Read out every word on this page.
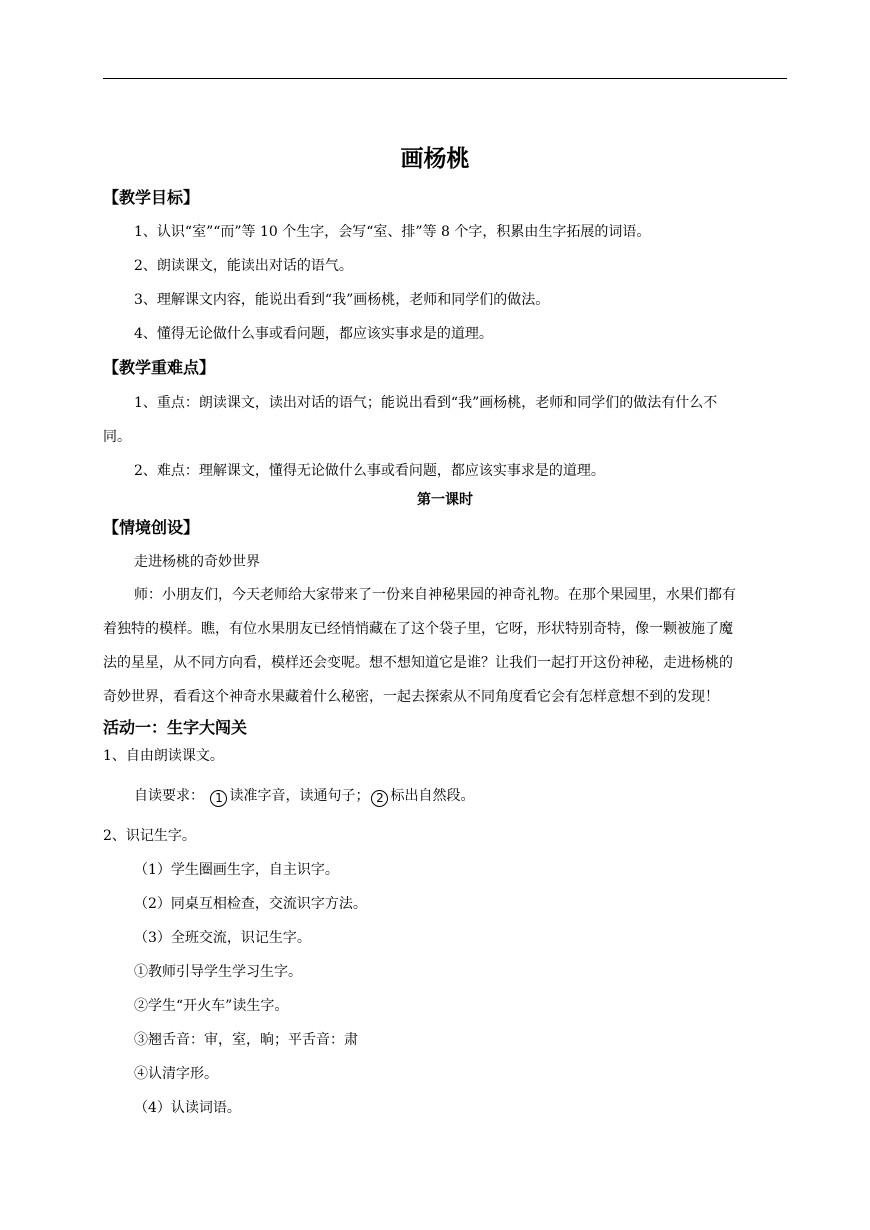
画杨桃
【教学目标】
1、认识“室”“而”等 10 个生字，会写“室、排”等 8 个字，积累由生字拓展的词语。
2、朗读课文，能读出对话的语气。
3、理解课文内容，能说出看到“我”画杨桃，老师和同学们的做法。
4、懂得无论做什么事或看问题，都应该实事求是的道理。
【教学重难点】
1、重点：朗读课文，读出对话的语气；能说出看到“我”画杨桃，老师和同学们的做法有什么不
同。
2、难点：理解课文，懂得无论做什么事或看问题，都应该实事求是的道理。
第一课时
【情境创设】
走进杨桃的奇妙世界
师：小朋友们，今天老师给大家带来了一份来自神秘果园的神奇礼物。在那个果园里，水果们都有
着独特的模样。瞧，有位水果朋友已经悄悄藏在了这个袋子里，它呀，形状特别奇特，像一颗被施了魔
法的星星，从不同方向看，模样还会变呢。想不想知道它是谁？让我们一起打开这份神秘，走进杨桃的
奇妙世界，看看这个神奇水果藏着什么秘密，一起去探索从不同角度看它会有怎样意想不到的发现！
活动一：生字大闯关
1、自由朗读课文。
自读要求： 1 读准字音，读通句子； 2 标出自然段。
2、识记生字。
（1）学生圈画生字，自主识字。
（2）同桌互相检查，交流识字方法。
（3）全班交流，识记生字。
①教师引导学生学习生字。
②学生“开火车”读生字。
③翘舌音：审，室，晌；平舌音：肃
④认清字形。
（4）认读词语。
